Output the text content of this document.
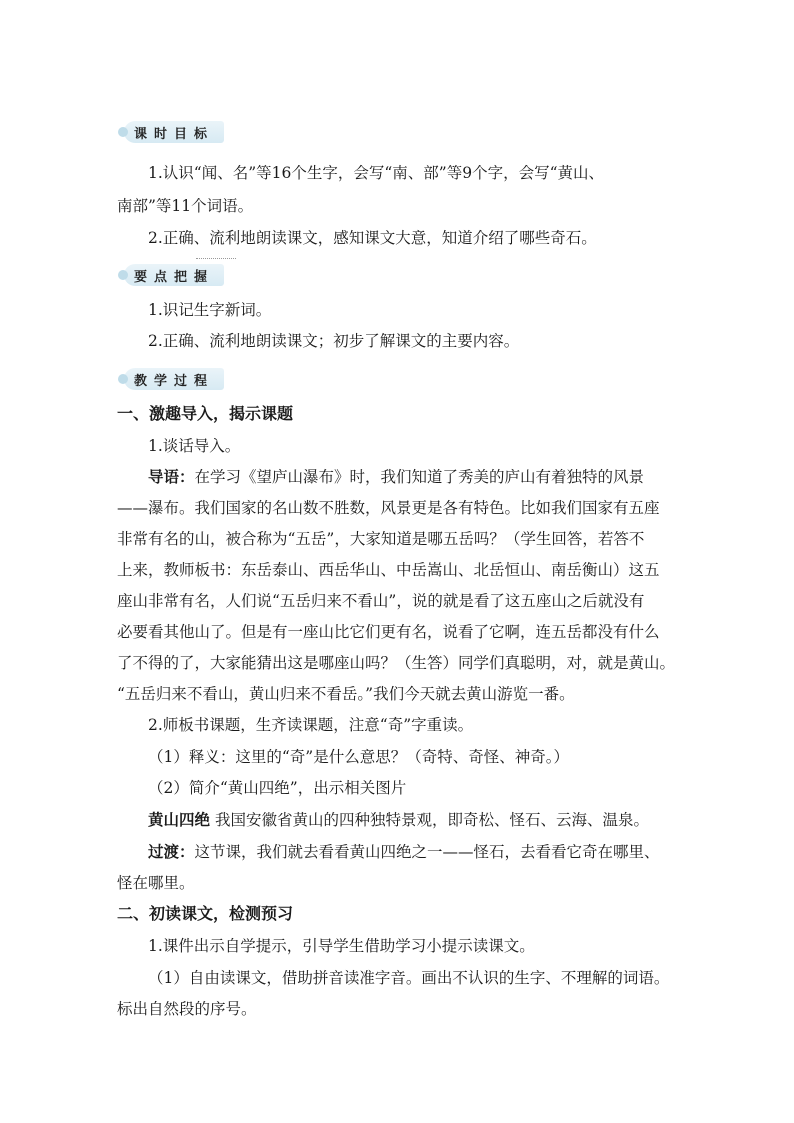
课时目标
1.认识“闻、名”等16个生字，会写“南、部”等9个字，会写“黄山、
南部”等11个词语。
2.正确、流利地朗读课文，感知课文大意，知道介绍了哪些奇石。
要点把握
1.识记生字新词。
2.正确、流利地朗读课文；初步了解课文的主要内容。
教学过程
一、激趣导入，揭示课题
1.谈话导入。
导语：在学习《望庐山瀑布》时，我们知道了秀美的庐山有着独特的风景
——瀑布。我们国家的名山数不胜数，风景更是各有特色。比如我们国家有五座
非常有名的山，被合称为“五岳”，大家知道是哪五岳吗？（学生回答，若答不
上来，教师板书：东岳泰山、西岳华山、中岳嵩山、北岳恒山、南岳衡山）这五
座山非常有名，人们说“五岳归来不看山”，说的就是看了这五座山之后就没有
必要看其他山了。但是有一座山比它们更有名，说看了它啊，连五岳都没有什么
了不得的了，大家能猜出这是哪座山吗？（生答）同学们真聪明，对，就是黄山。
“五岳归来不看山，黄山归来不看岳。”我们今天就去黄山游览一番。
2.师板书课题，生齐读课题，注意“奇”字重读。
（1）释义：这里的“奇”是什么意思？（奇特、奇怪、神奇。）
（2）简介“黄山四绝”，出示相关图片
黄山四绝 我国安徽省黄山的四种独特景观，即奇松、怪石、云海、温泉。
过渡：这节课，我们就去看看黄山四绝之一——怪石，去看看它奇在哪里、
怪在哪里。
二、初读课文，检测预习
1.课件出示自学提示，引导学生借助学习小提示读课文。
（1）自由读课文，借助拼音读准字音。画出不认识的生字、不理解的词语。
标出自然段的序号。
